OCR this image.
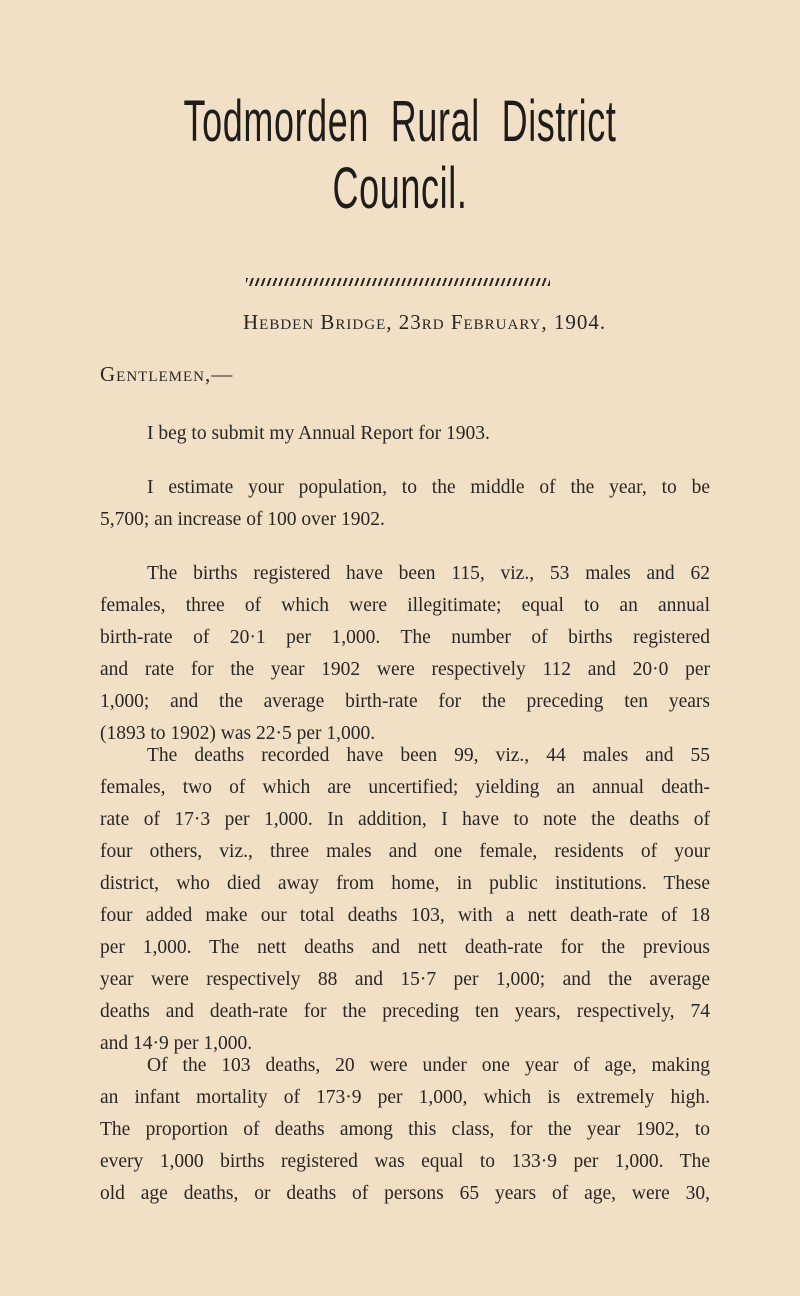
Todmorden Rural District Council.
Hebden Bridge, 23rd February, 1904.
Gentlemen,—
I beg to submit my Annual Report for 1903.
I estimate your population, to the middle of the year, to be
5,700; an increase of 100 over 1902.
The births registered have been 115, viz., 53 males and 62
females, three of which were illegitimate; equal to an annual
birth-rate of 20·1 per 1,000. The number of births registered
and rate for the year 1902 were respectively 112 and 20·0 per
1,000; and the average birth-rate for the preceding ten years
(1893 to 1902) was 22·5 per 1,000.
The deaths recorded have been 99, viz., 44 males and 55
females, two of which are uncertified; yielding an annual death-
rate of 17·3 per 1,000. In addition, I have to note the deaths of
four others, viz., three males and one female, residents of your
district, who died away from home, in public institutions. These
four added make our total deaths 103, with a nett death-rate of 18
per 1,000. The nett deaths and nett death-rate for the previous
year were respectively 88 and 15·7 per 1,000; and the average
deaths and death-rate for the preceding ten years, respectively, 74
and 14·9 per 1,000.
Of the 103 deaths, 20 were under one year of age, making
an infant mortality of 173·9 per 1,000, which is extremely high.
The proportion of deaths among this class, for the year 1902, to
every 1,000 births registered was equal to 133·9 per 1,000. The
old age deaths, or deaths of persons 65 years of age, were 30,
